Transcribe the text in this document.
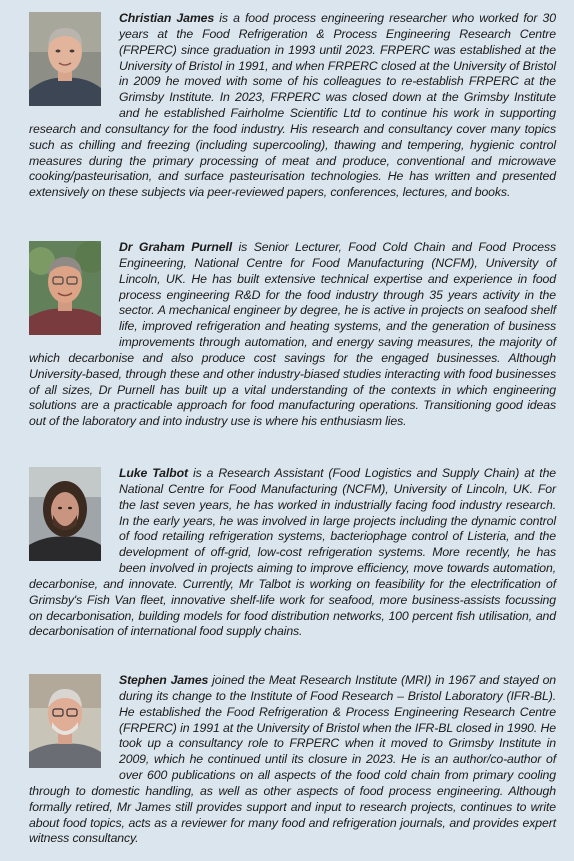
Christian James is a food process engineering researcher who worked for 30 years at the Food Refrigeration & Process Engineering Research Centre (FRPERC) since graduation in 1993 until 2023. FRPERC was established at the University of Bristol in 1991, and when FRPERC closed at the University of Bristol in 2009 he moved with some of his colleagues to re-establish FRPERC at the Grimsby Institute. In 2023, FRPERC was closed down at the Grimsby Institute and he established Fairholme Scientific Ltd to continue his work in supporting research and consultancy for the food industry. His research and consultancy cover many topics such as chilling and freezing (including supercooling), thawing and tempering, hygienic control measures during the primary processing of meat and produce, conventional and microwave cooking/pasteurisation, and surface pasteurisation technologies. He has written and presented extensively on these subjects via peer-reviewed papers, conferences, lectures, and books.
Dr Graham Purnell is Senior Lecturer, Food Cold Chain and Food Process Engineering, National Centre for Food Manufacturing (NCFM), University of Lincoln, UK. He has built extensive technical expertise and experience in food process engineering R&D for the food industry through 35 years activity in the sector. A mechanical engineer by degree, he is active in projects on seafood shelf life, improved refrigeration and heating systems, and the generation of business improvements through automation, and energy saving measures, the majority of which decarbonise and also produce cost savings for the engaged businesses. Although University-based, through these and other industry-biased studies interacting with food businesses of all sizes, Dr Purnell has built up a vital understanding of the contexts in which engineering solutions are a practicable approach for food manufacturing operations. Transitioning good ideas out of the laboratory and into industry use is where his enthusiasm lies.
Luke Talbot is a Research Assistant (Food Logistics and Supply Chain) at the National Centre for Food Manufacturing (NCFM), University of Lincoln, UK. For the last seven years, he has worked in industrially facing food industry research. In the early years, he was involved in large projects including the dynamic control of food retailing refrigeration systems, bacteriophage control of Listeria, and the development of off-grid, low-cost refrigeration systems. More recently, he has been involved in projects aiming to improve efficiency, move towards automation, decarbonise, and innovate. Currently, Mr Talbot is working on feasibility for the electrification of Grimsby's Fish Van fleet, innovative shelf-life work for seafood, more business-assists focussing on decarbonisation, building models for food distribution networks, 100 percent fish utilisation, and decarbonisation of international food supply chains.
Stephen James joined the Meat Research Institute (MRI) in 1967 and stayed on during its change to the Institute of Food Research – Bristol Laboratory (IFR-BL). He established the Food Refrigeration & Process Engineering Research Centre (FRPERC) in 1991 at the University of Bristol when the IFR-BL closed in 1990. He took up a consultancy role to FRPERC when it moved to Grimsby Institute in 2009, which he continued until its closure in 2023. He is an author/co-author of over 600 publications on all aspects of the food cold chain from primary cooling through to domestic handling, as well as other aspects of food process engineering. Although formally retired, Mr James still provides support and input to research projects, continues to write about food topics, acts as a reviewer for many food and refrigeration journals, and provides expert witness consultancy.
